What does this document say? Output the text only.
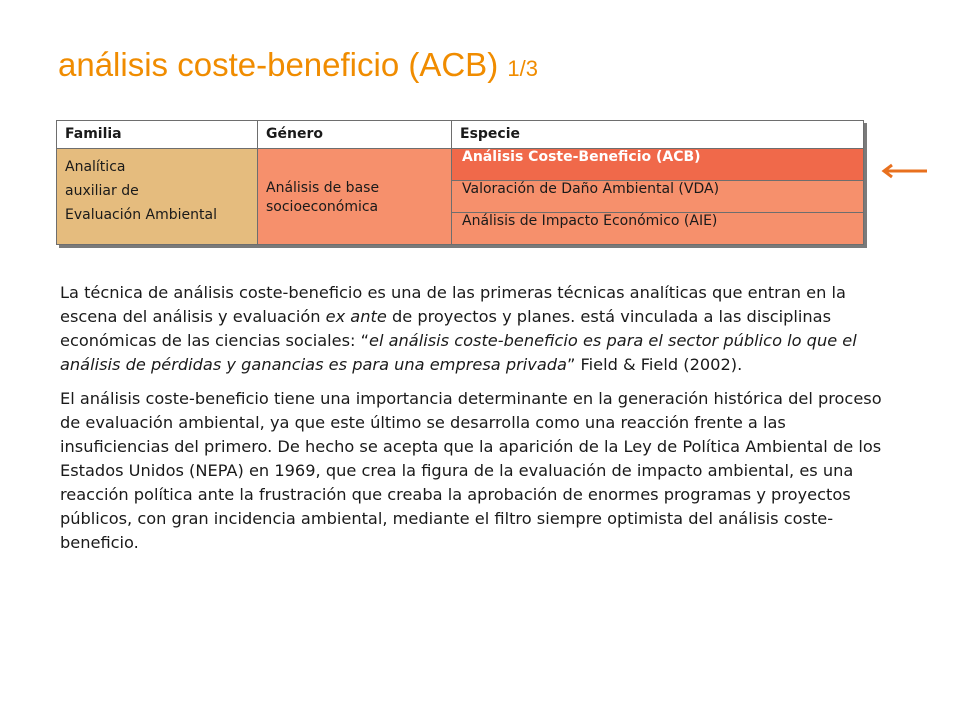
análisis coste-beneficio (ACB) 1/3
Familia	Género	Especie

Analítica
auxiliar de
Evaluación Ambiental	Análisis de base socioeconómica	Análisis Coste-Beneficio (ACB)
		Valoración de Daño Ambiental (VDA)
		Análisis de Impacto Económico (AIE)

La técnica de análisis coste-beneficio es una de las primeras técnicas analíticas que entran en la escena del análisis y evaluación ex ante de proyectos y planes. está vinculada a las disciplinas económicas de las ciencias sociales: “el análisis coste-beneficio es para el sector público lo que el análisis de pérdidas y ganancias es para una empresa privada” Field & Field (2002).

El análisis coste-beneficio tiene una importancia determinante en la generación histórica del proceso de evaluación ambiental, ya que este último se desarrolla como una reacción frente a las insuficiencias del primero. De hecho se acepta que la aparición de la Ley de Política Ambiental de los Estados Unidos (NEPA) en 1969, que crea la figura de la evaluación de impacto ambiental, es una reacción política ante la frustración que creaba la aprobación de enormes programas y proyectos públicos, con gran incidencia ambiental, mediante el filtro siempre optimista del análisis coste-beneficio.
